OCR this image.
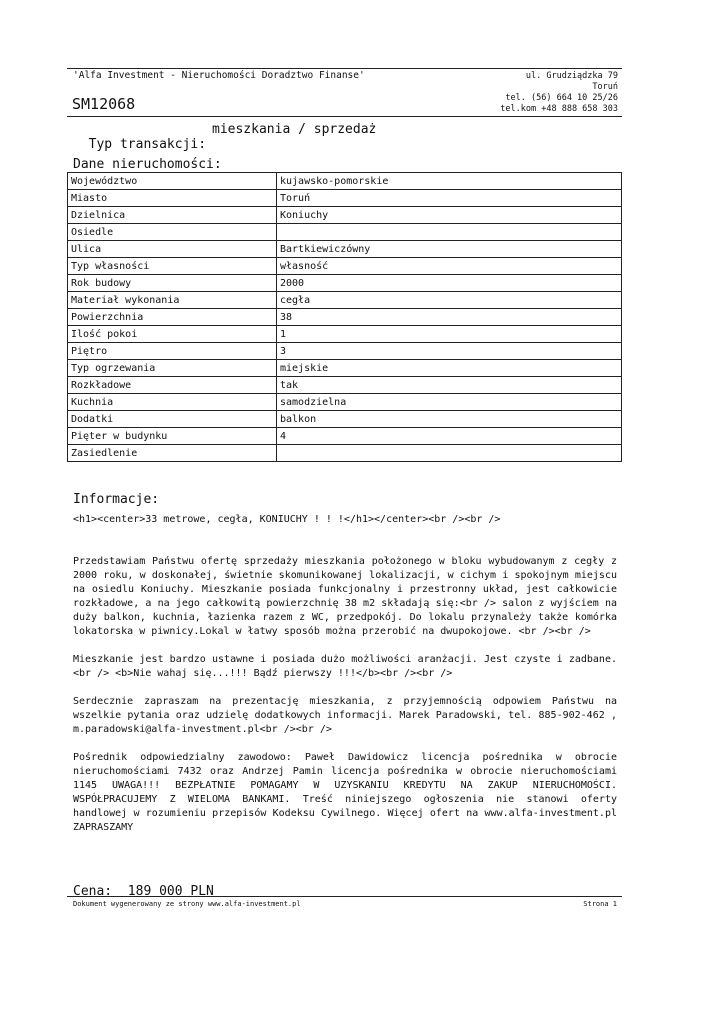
'Alfa Investment - Nieruchomości Doradztwo Finanse'	ul. Grudziądzka 79
Toruń
tel. (56) 664 10 25/26
tel.kom +48 888 658 303
SM12068

Typ transakcji:

mieszkania / sprzedaż

Dane nieruchomości:
Województwo	kujawsko-pomorskie
Miasto	Toruń
Dzielnica	Koniuchy
Osiedle	
Ulica	Bartkiewiczówny
Typ własności	własność
Rok budowy	2000
Materiał wykonania	cegła
Powierzchnia	38
Ilość pokoi	1
Piętro	3
Typ ogrzewania	miejskie
Rozkładowe	tak
Kuchnia	samodzielna
Dodatki	balkon
Pięter w budynku	4
Zasiedlenie	
Informacje:

<h1><center>33 metrowe, cegła, KONIUCHY ! ! !</h1></center><br /><br />

Przedstawiam Państwu ofertę sprzedaży mieszkania położonego w bloku wybudowanym z cegły z 2000 roku, w doskonałej, świetnie skomunikowanej lokalizacji, w cichym i spokojnym miejscu na osiedlu Koniuchy. Mieszkanie posiada funkcjonalny i przestronny układ, jest całkowicie rozkładowe, a na jego całkowitą powierzchnię 38 m2 składają się:<br /> salon z wyjściem na duży balkon, kuchnia, łazienka razem z WC, przedpokój. Do lokalu przynależy także komórka lokatorska w piwnicy.Lokal w łatwy sposób można przerobić na dwupokojowe. <br /><br />

Mieszkanie jest bardzo ustawne i posiada dużo możliwości aranżacji. Jest czyste i zadbane.<br /> <b>Nie wahaj się...!!! Bądź pierwszy !!!</b><br /><br />

Serdecznie zapraszam na prezentację mieszkania, z przyjemnością odpowiem Państwu na wszelkie pytania oraz udzielę dodatkowych informacji. Marek Paradowski, tel. 885-902-462 , m.paradowski@alfa-investment.pl<br /><br />

Pośrednik odpowiedzialny zawodowo: Paweł Dawidowicz licencja pośrednika w obrocie nieruchomościami 7432 oraz Andrzej Pamin licencja pośrednika w obrocie nieruchomościami 1145 UWAGA!!! BEZPŁATNIE POMAGAMY W UZYSKANIU KREDYTU NA ZAKUP NIERUCHOMOŚCI. WSPÓŁPRACUJEMY Z WIELOMA BANKAMI. Treść niniejszego ogłoszenia nie stanowi oferty handlowej w rozumieniu przepisów Kodeksu Cywilnego. Więcej ofert na www.alfa-investment.pl ZAPRASZAMY

Cena:  189 000 PLN
Dokument wygenerowany ze strony www.alfa-investment.pl	Strona 1
